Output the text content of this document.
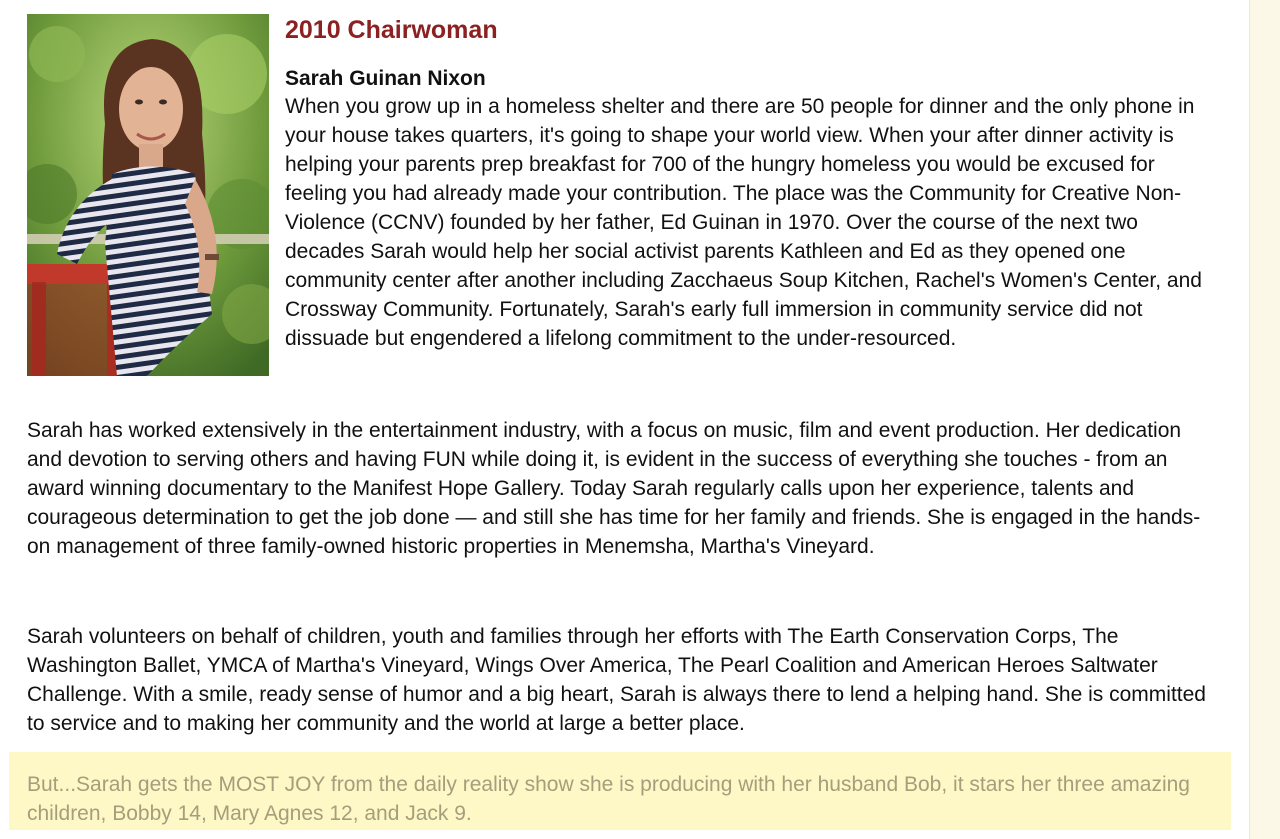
2010 Chairwoman
Sarah Guinan Nixon

When you grow up in a homeless shelter and there are 50 people for dinner and the only phone in your house takes quarters, it's going to shape your world view. When your after dinner activity is helping your parents prep breakfast for 700 of the hungry homeless you would be excused for feeling you had already made your contribution. The place was the Community for Creative Non-Violence (CCNV) founded by her father, Ed Guinan in 1970. Over the course of the next two decades Sarah would help her social activist parents Kathleen and Ed as they opened one community center after another including Zacchaeus Soup Kitchen, Rachel's Women's Center, and Crossway Community. Fortunately, Sarah's early full immersion in community service did not dissuade but engendered a lifelong commitment to the under-resourced.

Sarah has worked extensively in the entertainment industry, with a focus on music, film and event production. Her dedication and devotion to serving others and having FUN while doing it, is evident in the success of everything she touches - from an award winning documentary to the Manifest Hope Gallery. Today Sarah regularly calls upon her experience, talents and courageous determination to get the job done — and still she has time for her family and friends. She is engaged in the hands-on management of three family-owned historic properties in Menemsha, Martha's Vineyard.

Sarah volunteers on behalf of children, youth and families through her efforts with The Earth Conservation Corps, The Washington Ballet, YMCA of Martha's Vineyard, Wings Over America, The Pearl Coalition and American Heroes Saltwater Challenge. With a smile, ready sense of humor and a big heart, Sarah is always there to lend a helping hand. She is committed to service and to making her community and the world at large a better place.

But...Sarah gets the MOST JOY from the daily reality show she is producing with her husband Bob, it stars her three amazing children, Bobby 14, Mary Agnes 12, and Jack 9.
